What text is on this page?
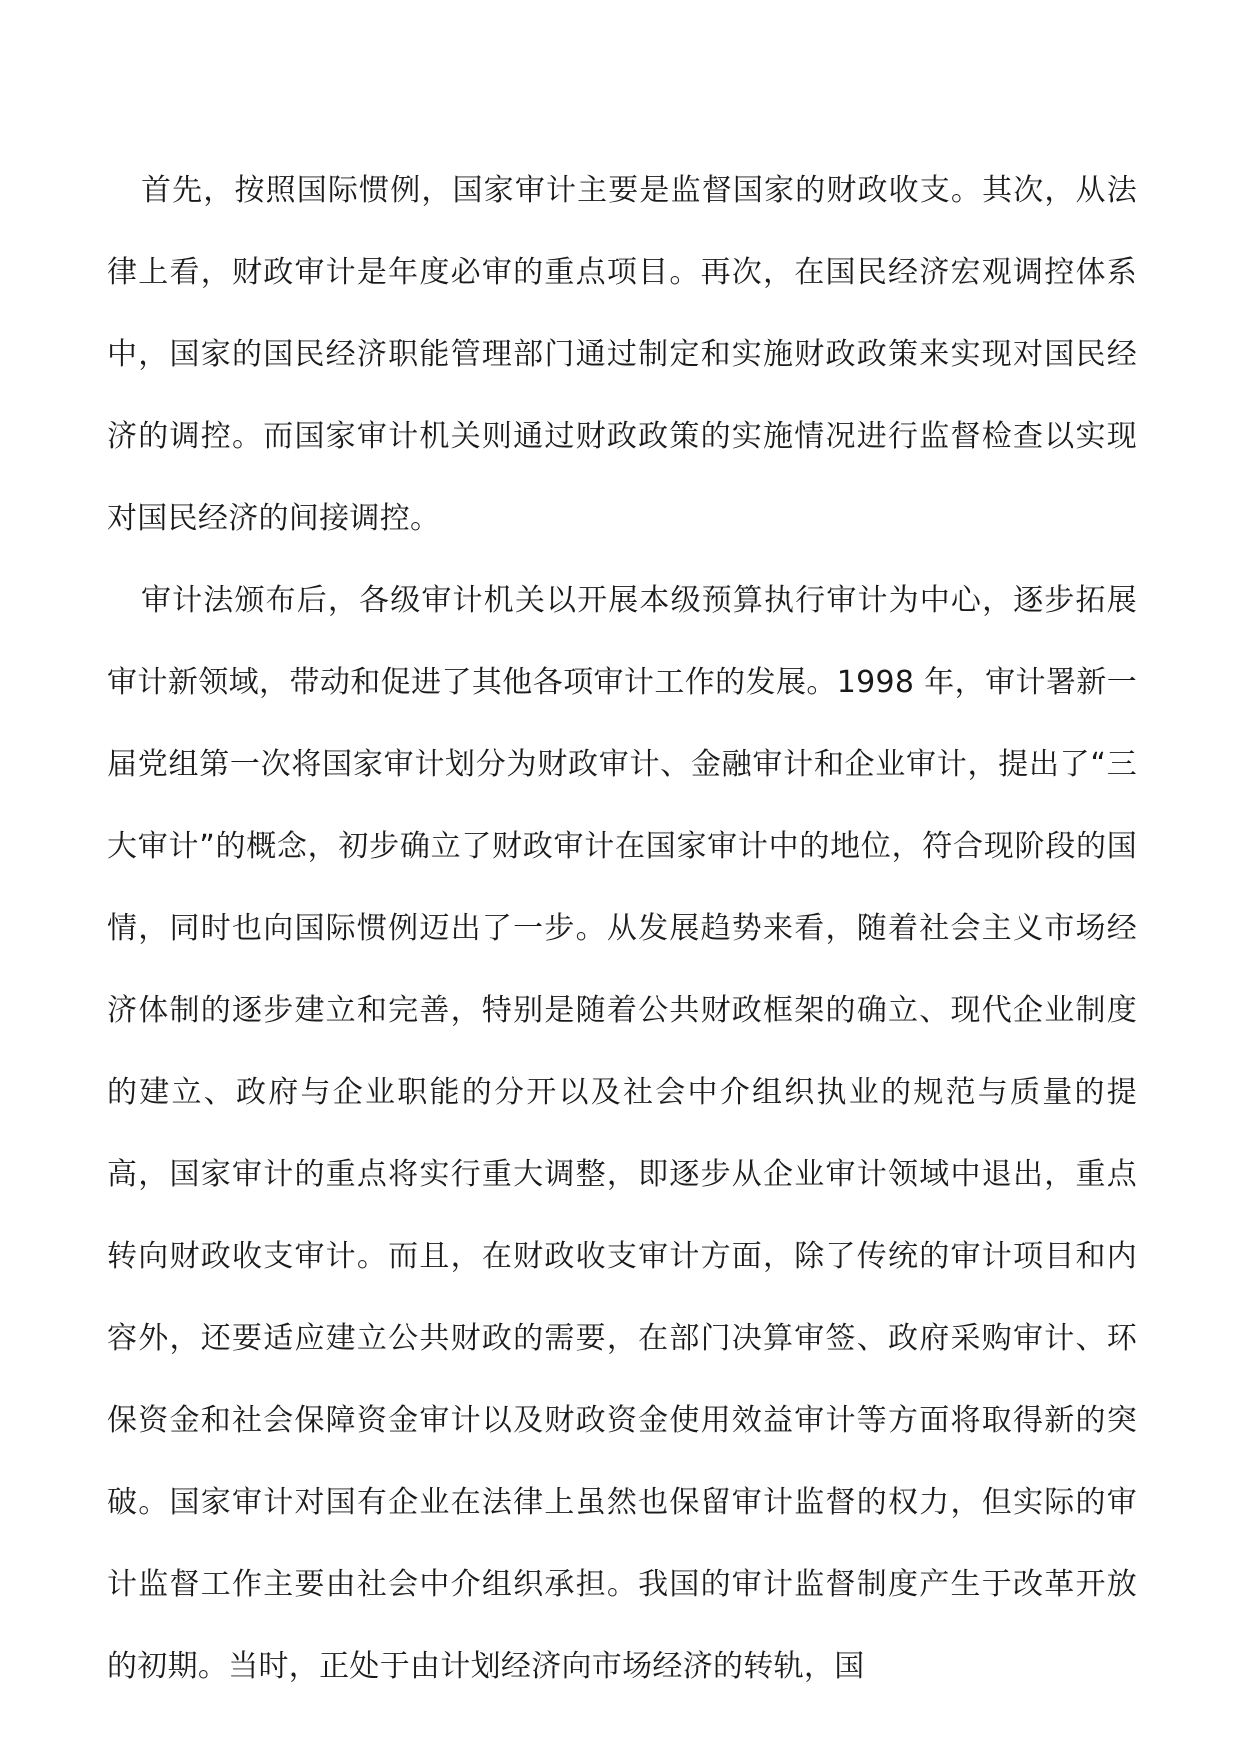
首先，按照国际惯例，国家审计主要是监督国家的财政收支。其次，从法律上看，财政审计是年度必审的重点项目。再次，在国民经济宏观调控体系中，国家的国民经济职能管理部门通过制定和实施财政政策来实现对国民经济的调控。而国家审计机关则通过财政政策的实施情况进行监督检查以实现对国民经济的间接调控。

审计法颁布后，各级审计机关以开展本级预算执行审计为中心，逐步拓展审计新领域，带动和促进了其他各项审计工作的发展。1998 年，审计署新一届党组第一次将国家审计划分为财政审计、金融审计和企业审计，提出了“三大审计”的概念，初步确立了财政审计在国家审计中的地位，符合现阶段的国情，同时也向国际惯例迈出了一步。从发展趋势来看，随着社会主义市场经济体制的逐步建立和完善，特别是随着公共财政框架的确立、现代企业制度的建立、政府与企业职能的分开以及社会中介组织执业的规范与质量的提高，国家审计的重点将实行重大调整，即逐步从企业审计领域中退出，重点转向财政收支审计。而且，在财政收支审计方面，除了传统的审计项目和内容外，还要适应建立公共财政的需要，在部门决算审签、政府采购审计、环保资金和社会保障资金审计以及财政资金使用效益审计等方面将取得新的突破。国家审计对国有企业在法律上虽然也保留审计监督的权力，但实际的审计监督工作主要由社会中介组织承担。我国的审计监督制度产生于改革开放的初期。当时，正处于由计划经济向市场经济的转轨，国
